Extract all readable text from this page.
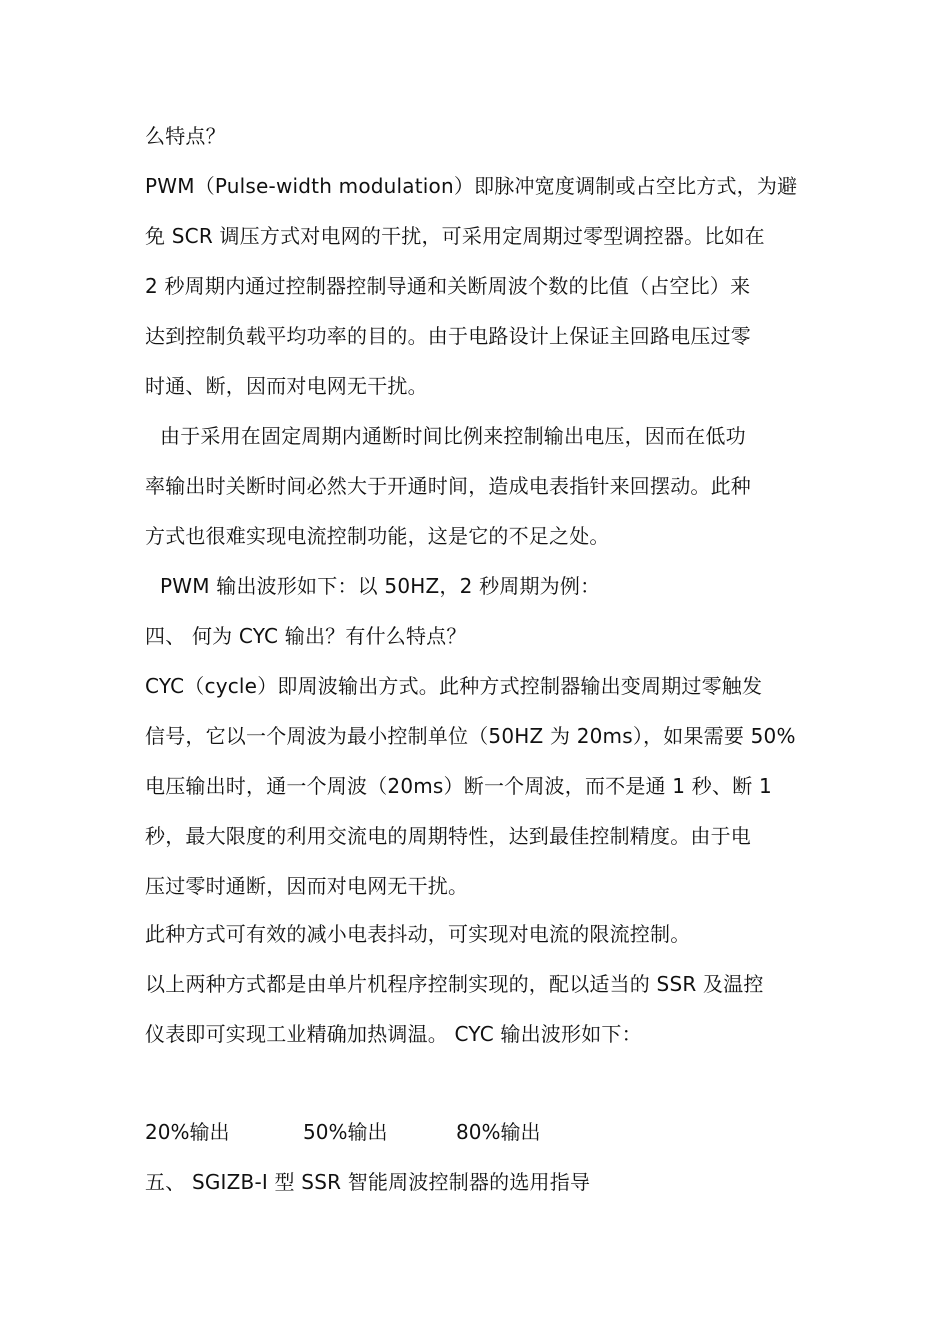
么特点？
PWM（Pulse-width modulation）即脉冲宽度调制或占空比方式，为避
免 SCR 调压方式对电网的干扰，可采用定周期过零型调控器。比如在
2 秒周期内通过控制器控制导通和关断周波个数的比值（占空比）来
达到控制负载平均功率的目的。由于电路设计上保证主回路电压过零
时通、断，因而对电网无干扰。
由于采用在固定周期内通断时间比例来控制输出电压，因而在低功
率输出时关断时间必然大于开通时间，造成电表指针来回摆动。此种
方式也很难实现电流控制功能，这是它的不足之处。
PWM 输出波形如下：以 50HZ，2 秒周期为例：
四、 何为 CYC 输出？有什么特点？
CYC（cycle）即周波输出方式。此种方式控制器输出变周期过零触发
信号，它以一个周波为最小控制单位（50HZ 为 20ms），如果需要 50%
电压输出时，通一个周波（20ms）断一个周波，而不是通 1 秒、断 1
秒，最大限度的利用交流电的周期特性，达到最佳控制精度。由于电
压过零时通断，因而对电网无干扰。
此种方式可有效的减小电表抖动，可实现对电流的限流控制。
以上两种方式都是由单片机程序控制实现的，配以适当的 SSR 及温控
仪表即可实现工业精确加热调温。 CYC 输出波形如下：
20%输出	50%输出	80%输出
五、 SGIZB-I 型 SSR 智能周波控制器的选用指导
